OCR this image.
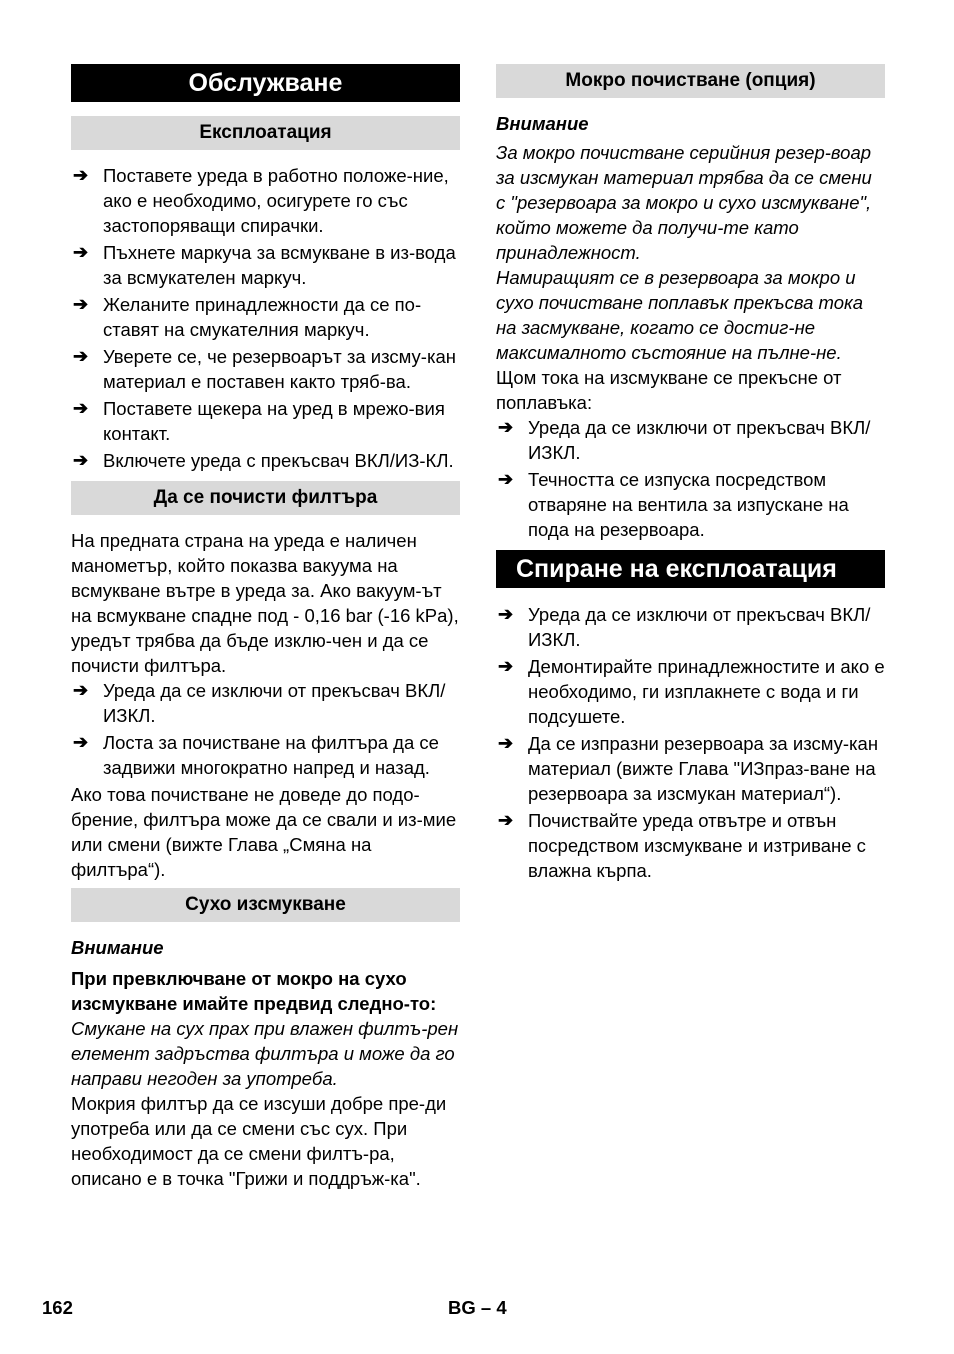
Обслужване
Експлоатация
➔ Поставете уреда в работно положе-ние, ако е необходимо, осигурете го със застопоряващи спирачки.
➔ Пъхнете маркуча за всмукване в из-вода за всмукателен маркуч.
➔ Желаните принадлежности да се по-ставят на смукателния маркуч.
➔ Уверете се, че резервоарът за изсму-кан материал е поставен както тряб-ва.
➔ Поставете щекера на уред в мрежо-вия контакт.
➔ Включете уреда с прекъсвач ВКЛ/ИЗ-КЛ.
Да се почисти филтъра

На предната страна на уреда е наличен манометър, който показва вакуума на всмукване вътре в уреда за. Ако вакуум-ът на всмукване спадне под - 0,16 bar (-16 kPa), уредът трябва да бъде изклю-чен и да се почисти филтъра.

➔ Уреда да се изключи от прекъсвач ВКЛ/ИЗКЛ.
➔ Лоста за почистване на филтъра да се задвижи многократно напред и назад.

Ако това почистване не доведе до подо-брение, филтъра може да се свали и из-мие или смени (вижте Глава „Смяна на филтъра“).

Сухо изсмукване

Внимание

При превключване от мокро на сухо изсмукване имайте предвид следно-то:

Смукане на сух прах при влажен филтъ-рен елемент задръства филтъра и може да го направи негоден за употреба.

Мокрия филтър да се изсуши добре пре-ди употреба или да се смени със сух. При необходимост да се смени филтъ-ра, описано е в точка "Грижи и поддръж-ка".

Мокро почистване (опция)

Внимание

За мокро почистване серийния резер-воар за изсмукан материал трябва да се смени с "резервоара за мокро и сухо изсмукване", който можете да получи-те като принадлежност.

Намиращият се в резервоара за мокро и сухо почистване поплавък прекъсва тока на засмукване, когато се достиг-не максималното състояние на пълне-не.

Щом тока на изсмукване се прекъсне от поплавъка:

➔ Уреда да се изключи от прекъсвач ВКЛ/ИЗКЛ.
➔ Течността се изпуска посредством отваряне на вентила за изпускане на пода на резервоара.
Спиране на експлоатация
➔ Уреда да се изключи от прекъсвач ВКЛ/ИЗКЛ.
➔ Демонтирайте принадлежностите и ако е необходимо, ги изплакнете с вода и ги подсушете.
➔ Да се изпразни резервоара за изсму-кан материал (вижте Глава "ИЗпраз-ване на резервоара за изсмукан материал“).
➔ Почиствайте уреда отвътре и отвън посредством изсмукване и изтриване с влажна кърпа.
162	BG – 4
